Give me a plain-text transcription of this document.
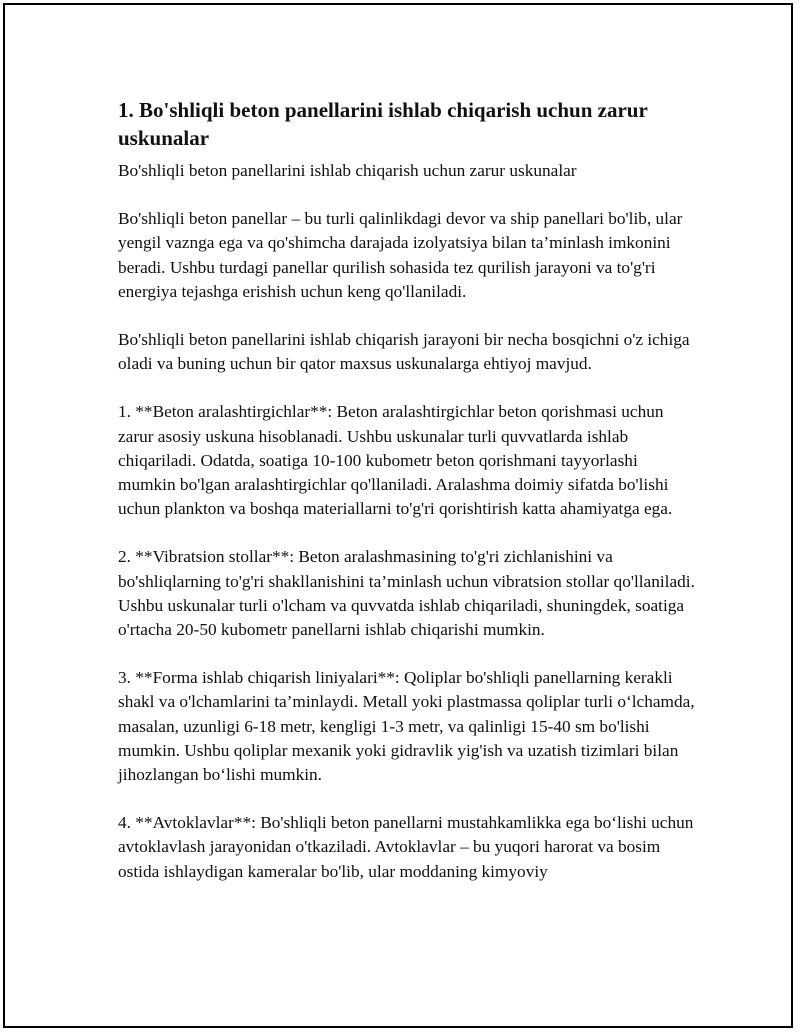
1. Bo'shliqli beton panellarini ishlab chiqarish uchun zarur uskunalar
Bo'shliqli beton panellarini ishlab chiqarish uchun zarur uskunalar
Bo'shliqli beton panellar – bu turli qalinlikdagi devor va ship panellari bo'lib, ular yengil vaznga ega va qo'shimcha darajada izolyatsiya bilan ta’minlash imkonini beradi. Ushbu turdagi panellar qurilish sohasida tez qurilish jarayoni va to'g'ri energiya tejashga erishish uchun keng qo'llaniladi.
Bo'shliqli beton panellarini ishlab chiqarish jarayoni bir necha bosqichni o'z ichiga oladi va buning uchun bir qator maxsus uskunalarga ehtiyoj mavjud.
1. **Beton aralashtirgichlar**: Beton aralashtirgichlar beton qorishmasi uchun zarur asosiy uskuna hisoblanadi. Ushbu uskunalar turli quvvatlarda ishlab chiqariladi. Odatda, soatiga 10-100 kubometr beton qorishmani tayyorlashi mumkin bo'lgan aralashtirgichlar qo'llaniladi. Aralashma doimiy sifatda bo'lishi uchun plankton va boshqa materiallarni to'g'ri qorishtirish katta ahamiyatga ega.
2. **Vibratsion stollar**: Beton aralashmasining to'g'ri zichlanishini va bo'shliqlarning to'g'ri shakllanishini ta’minlash uchun vibratsion stollar qo'llaniladi. Ushbu uskunalar turli o'lcham va quvvatda ishlab chiqariladi, shuningdek, soatiga o'rtacha 20-50 kubometr panellarni ishlab chiqarishi mumkin.
3. **Forma ishlab chiqarish liniyalari**: Qoliplar bo'shliqli panellarning kerakli shakl va o'lchamlarini ta’minlaydi. Metall yoki plastmassa qoliplar turli o‘lchamda, masalan, uzunligi 6-18 metr, kengligi 1-3 metr, va qalinligi 15-40 sm bo'lishi mumkin. Ushbu qoliplar mexanik yoki gidravlik yig'ish va uzatish tizimlari bilan jihozlangan bo‘lishi mumkin.
4. **Avtoklavlar**: Bo'shliqli beton panellarni mustahkamlikka ega bo‘lishi uchun avtoklavlash jarayonidan o'tkaziladi. Avtoklavlar – bu yuqori harorat va bosim ostida ishlaydigan kameralar bo'lib, ular moddaning kimyoviy
